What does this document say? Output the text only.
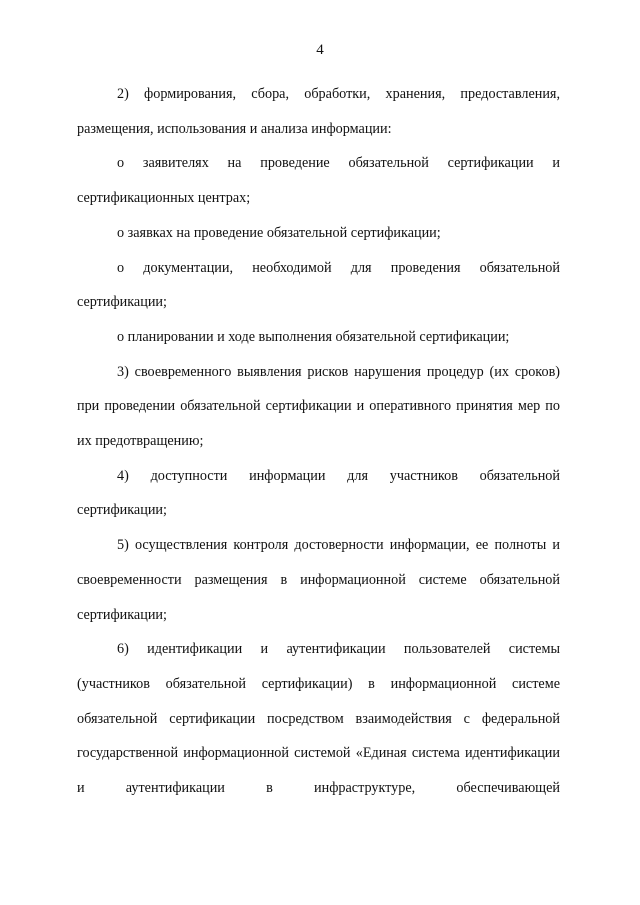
4

2) формирования, сбора, обработки, хранения, предоставления, размещения, использования и анализа информации:

о заявителях на проведение обязательной сертификации и сертификационных центрах;

о заявках на проведение обязательной сертификации;

о документации, необходимой для проведения обязательной сертификации;

о планировании и ходе выполнения обязательной сертификации;

3) своевременного выявления рисков нарушения процедур (их сроков) при проведении обязательной сертификации и оперативного принятия мер по их предотвращению;

4) доступности информации для участников обязательной сертификации;

5) осуществления контроля достоверности информации, ее полноты и своевременности размещения в информационной системе обязательной сертификации;

6) идентификации и аутентификации пользователей системы (участников обязательной сертификации) в информационной системе обязательной сертификации посредством взаимодействия с федеральной государственной информационной системой «Единая система идентификации и аутентификации в инфраструктуре, обеспечивающей
